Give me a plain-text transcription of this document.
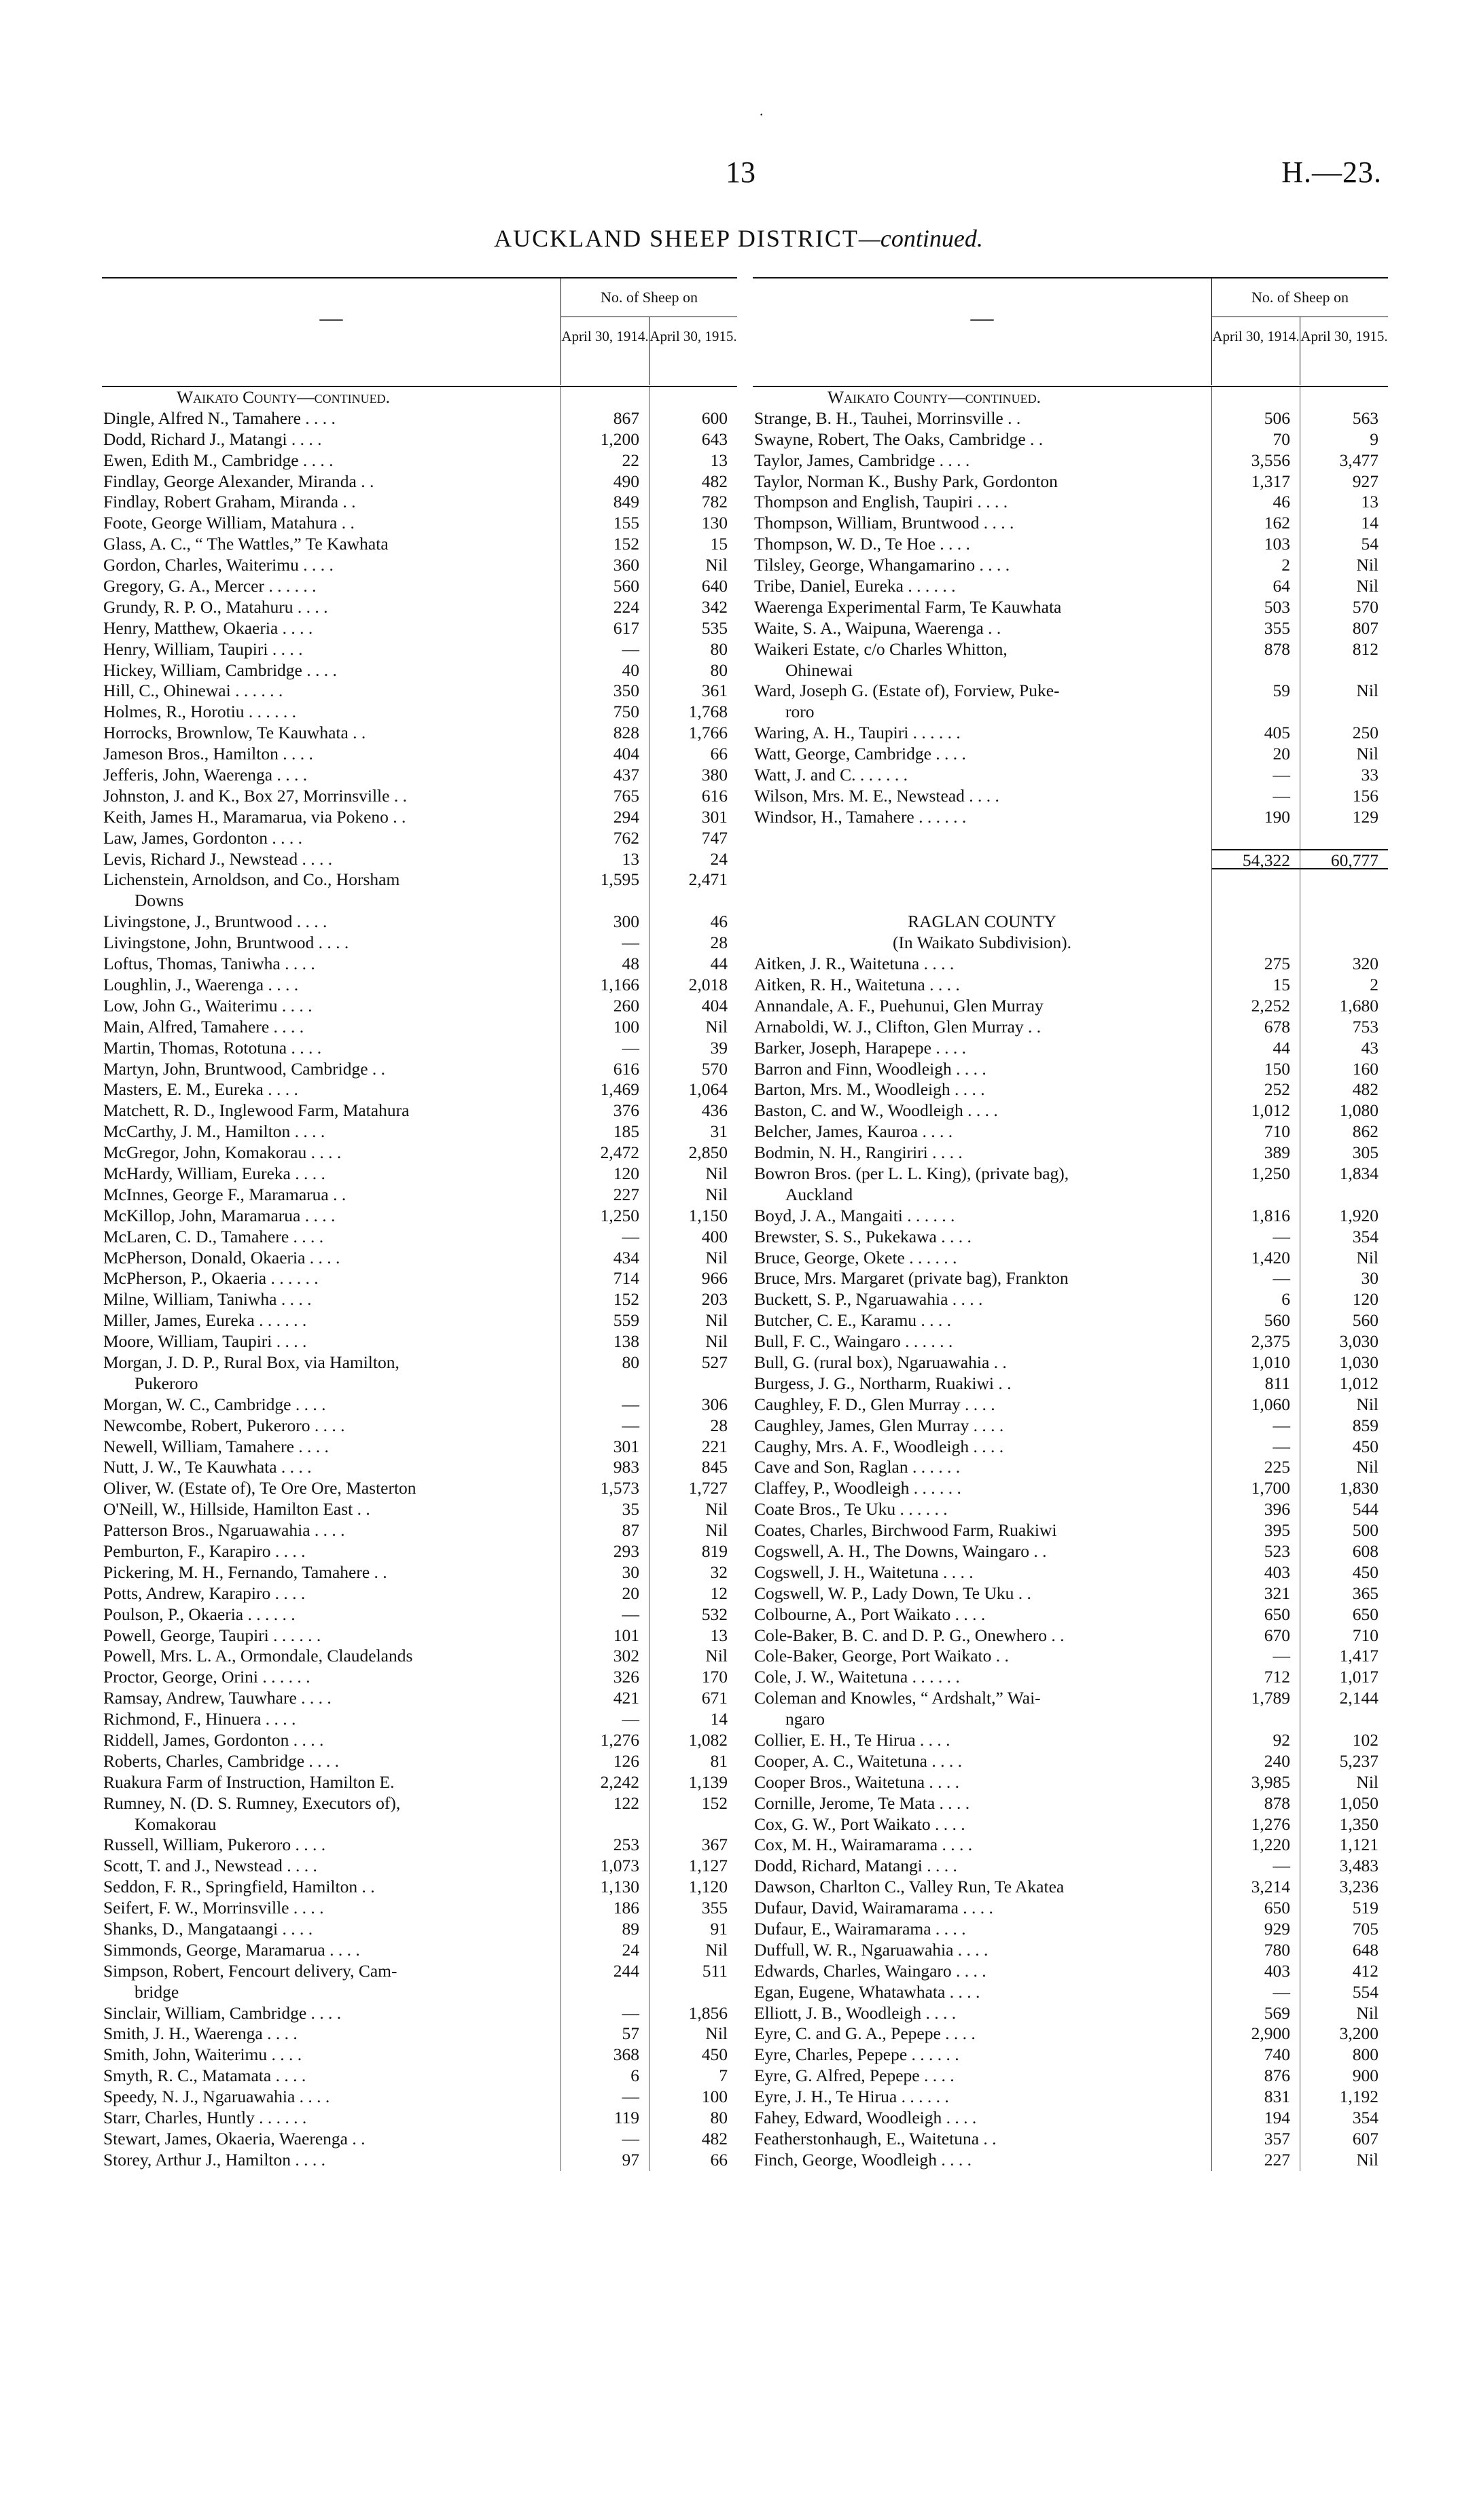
.
13	H.—23.
AUCKLAND SHEEP DISTRICT—continued.
—
No. of Sheep on
April 30, 1914. April 30, 1915.
Waikato County—continued.
Dingle, Alfred N., Tamahere . . . .	867	600
Dodd, Richard J., Matangi . . . .	1,200	643
Ewen, Edith M., Cambridge . . . .	22	13
Findlay, George Alexander, Miranda . .	490	482
Findlay, Robert Graham, Miranda . .	849	782
Foote, George William, Matahura . .	155	130
Glass, A. C., “ The Wattles,” Te Kawhata	152	15
Gordon, Charles, Waiterimu . . . .	360	Nil
Gregory, G. A., Mercer . . . . . .	560	640
Grundy, R. P. O., Matahuru . . . .	224	342
Henry, Matthew, Okaeria . . . .	617	535
Henry, William, Taupiri . . . .	—	80
Hickey, William, Cambridge . . . .	40	80
Hill, C., Ohinewai . . . . . .	350	361
Holmes, R., Horotiu . . . . . .	750	1,768
Horrocks, Brownlow, Te Kauwhata . .	828	1,766
Jameson Bros., Hamilton . . . .	404	66
Jefferis, John, Waerenga . . . .	437	380
Johnston, J. and K., Box 27, Morrinsville . .	765	616
Keith, James H., Maramarua, via Pokeno . .	294	301
Law, James, Gordonton . . . .	762	747
Levis, Richard J., Newstead . . . .	13	24
Lichenstein, Arnoldson, and Co., Horsham	1,595	2,471
Downs
Livingstone, J., Bruntwood . . . .	300	46
Livingstone, John, Bruntwood . . . .	—	28
Loftus, Thomas, Taniwha . . . .	48	44
Loughlin, J., Waerenga . . . .	1,166	2,018
Low, John G., Waiterimu . . . .	260	404
Main, Alfred, Tamahere . . . .	100	Nil
Martin, Thomas, Rototuna . . . .	—	39
Martyn, John, Bruntwood, Cambridge . .	616	570
Masters, E. M., Eureka . . . .	1,469	1,064
Matchett, R. D., Inglewood Farm, Matahura	376	436
McCarthy, J. M., Hamilton . . . .	185	31
McGregor, John, Komakorau . . . .	2,472	2,850
McHardy, William, Eureka . . . .	120	Nil
McInnes, George F., Maramarua . .	227	Nil
McKillop, John, Maramarua . . . .	1,250	1,150
McLaren, C. D., Tamahere . . . .	—	400
McPherson, Donald, Okaeria . . . .	434	Nil
McPherson, P., Okaeria . . . . . .	714	966
Milne, William, Taniwha . . . .	152	203
Miller, James, Eureka . . . . . .	559	Nil
Moore, William, Taupiri . . . .	138	Nil
Morgan, J. D. P., Rural Box, via Hamilton,	80	527
Pukeroro
Morgan, W. C., Cambridge . . . .	—	306
Newcombe, Robert, Pukeroro . . . .	—	28
Newell, William, Tamahere . . . .	301	221
Nutt, J. W., Te Kauwhata . . . .	983	845
Oliver, W. (Estate of), Te Ore Ore, Masterton	1,573	1,727
O'Neill, W., Hillside, Hamilton East . .	35	Nil
Patterson Bros., Ngaruawahia . . . .	87	Nil
Pemburton, F., Karapiro . . . .	293	819
Pickering, M. H., Fernando, Tamahere . .	30	32
Potts, Andrew, Karapiro . . . .	20	12
Poulson, P., Okaeria . . . . . .	—	532
Powell, George, Taupiri . . . . . .	101	13
Powell, Mrs. L. A., Ormondale, Claudelands	302	Nil
Proctor, George, Orini . . . . . .	326	170
Ramsay, Andrew, Tauwhare . . . .	421	671
Richmond, F., Hinuera . . . .	—	14
Riddell, James, Gordonton . . . .	1,276	1,082
Roberts, Charles, Cambridge . . . .	126	81
Ruakura Farm of Instruction, Hamilton E.	2,242	1,139
Rumney, N. (D. S. Rumney, Executors of),	122	152
Komakorau
Russell, William, Pukeroro . . . .	253	367
Scott, T. and J., Newstead . . . .	1,073	1,127
Seddon, F. R., Springfield, Hamilton . .	1,130	1,120
Seifert, F. W., Morrinsville . . . .	186	355
Shanks, D., Mangataangi . . . .	89	91
Simmonds, George, Maramarua . . . .	24	Nil
Simpson, Robert, Fencourt delivery, Cam-	244	511
bridge
Sinclair, William, Cambridge . . . .	—	1,856
Smith, J. H., Waerenga . . . .	57	Nil
Smith, John, Waiterimu . . . .	368	450
Smyth, R. C., Matamata . . . .	6	7
Speedy, N. J., Ngaruawahia . . . .	—	100
Starr, Charles, Huntly . . . . . .	119	80
Stewart, James, Okaeria, Waerenga . .	—	482
Storey, Arthur J., Hamilton . . . .	97	66
—
No. of Sheep on
April 30, 1914. April 30, 1915.
Waikato County—continued.
Strange, B. H., Tauhei, Morrinsville . .	506	563
Swayne, Robert, The Oaks, Cambridge . .	70	9
Taylor, James, Cambridge . . . .	3,556	3,477
Taylor, Norman K., Bushy Park, Gordonton	1,317	927
Thompson and English, Taupiri . . . .	46	13
Thompson, William, Bruntwood . . . .	162	14
Thompson, W. D., Te Hoe . . . .	103	54
Tilsley, George, Whangamarino . . . .	2	Nil
Tribe, Daniel, Eureka . . . . . .	64	Nil
Waerenga Experimental Farm, Te Kauwhata	503	570
Waite, S. A., Waipuna, Waerenga . .	355	807
Waikeri Estate, c/o Charles Whitton,	878	812
Ohinewai
Ward, Joseph G. (Estate of), Forview, Puke-	59	Nil
roro
Waring, A. H., Taupiri . . . . . .	405	250
Watt, George, Cambridge . . . .	20	Nil
Watt, J. and C. . . . . . .	—	33
Wilson, Mrs. M. E., Newstead . . . .	—	156
Windsor, H., Tamahere . . . . . .	190	129
54,322	60,777
RAGLAN COUNTY
(In Waikato Subdivision).
Aitken, J. R., Waitetuna . . . .	275	320
Aitken, R. H., Waitetuna . . . .	15	2
Annandale, A. F., Puehunui, Glen Murray	2,252	1,680
Arnaboldi, W. J., Clifton, Glen Murray . .	678	753
Barker, Joseph, Harapepe . . . .	44	43
Barron and Finn, Woodleigh . . . .	150	160
Barton, Mrs. M., Woodleigh . . . .	252	482
Baston, C. and W., Woodleigh . . . .	1,012	1,080
Belcher, James, Kauroa . . . .	710	862
Bodmin, N. H., Rangiriri . . . .	389	305
Bowron Bros. (per L. L. King), (private bag),	1,250	1,834
Auckland
Boyd, J. A., Mangaiti . . . . . .	1,816	1,920
Brewster, S. S., Pukekawa . . . .	—	354
Bruce, George, Okete . . . . . .	1,420	Nil
Bruce, Mrs. Margaret (private bag), Frankton	—	30
Buckett, S. P., Ngaruawahia . . . .	6	120
Butcher, C. E., Karamu . . . .	560	560
Bull, F. C., Waingaro . . . . . .	2,375	3,030
Bull, G. (rural box), Ngaruawahia . .	1,010	1,030
Burgess, J. G., Northarm, Ruakiwi . .	811	1,012
Caughley, F. D., Glen Murray . . . .	1,060	Nil
Caughley, James, Glen Murray . . . .	—	859
Caughy, Mrs. A. F., Woodleigh . . . .	—	450
Cave and Son, Raglan . . . . . .	225	Nil
Claffey, P., Woodleigh . . . . . .	1,700	1,830
Coate Bros., Te Uku . . . . . .	396	544
Coates, Charles, Birchwood Farm, Ruakiwi	395	500
Cogswell, A. H., The Downs, Waingaro . .	523	608
Cogswell, J. H., Waitetuna . . . .	403	450
Cogswell, W. P., Lady Down, Te Uku . .	321	365
Colbourne, A., Port Waikato . . . .	650	650
Cole-Baker, B. C. and D. P. G., Onewhero . .	670	710
Cole-Baker, George, Port Waikato . .	—	1,417
Cole, J. W., Waitetuna . . . . . .	712	1,017
Coleman and Knowles, “ Ardshalt,” Wai-	1,789	2,144
ngaro
Collier, E. H., Te Hirua . . . .	92	102
Cooper, A. C., Waitetuna . . . .	240	5,237
Cooper Bros., Waitetuna . . . .	3,985	Nil
Cornille, Jerome, Te Mata . . . .	878	1,050
Cox, G. W., Port Waikato . . . .	1,276	1,350
Cox, M. H., Wairamarama . . . .	1,220	1,121
Dodd, Richard, Matangi . . . .	—	3,483
Dawson, Charlton C., Valley Run, Te Akatea	3,214	3,236
Dufaur, David, Wairamarama . . . .	650	519
Dufaur, E., Wairamarama . . . .	929	705
Duffull, W. R., Ngaruawahia . . . .	780	648
Edwards, Charles, Waingaro . . . .	403	412
Egan, Eugene, Whatawhata . . . .	—	554
Elliott, J. B., Woodleigh . . . .	569	Nil
Eyre, C. and G. A., Pepepe . . . .	2,900	3,200
Eyre, Charles, Pepepe . . . . . .	740	800
Eyre, G. Alfred, Pepepe . . . .	876	900
Eyre, J. H., Te Hirua . . . . . .	831	1,192
Fahey, Edward, Woodleigh . . . .	194	354
Featherstonhaugh, E., Waitetuna . .	357	607
Finch, George, Woodleigh . . . .	227	Nil
